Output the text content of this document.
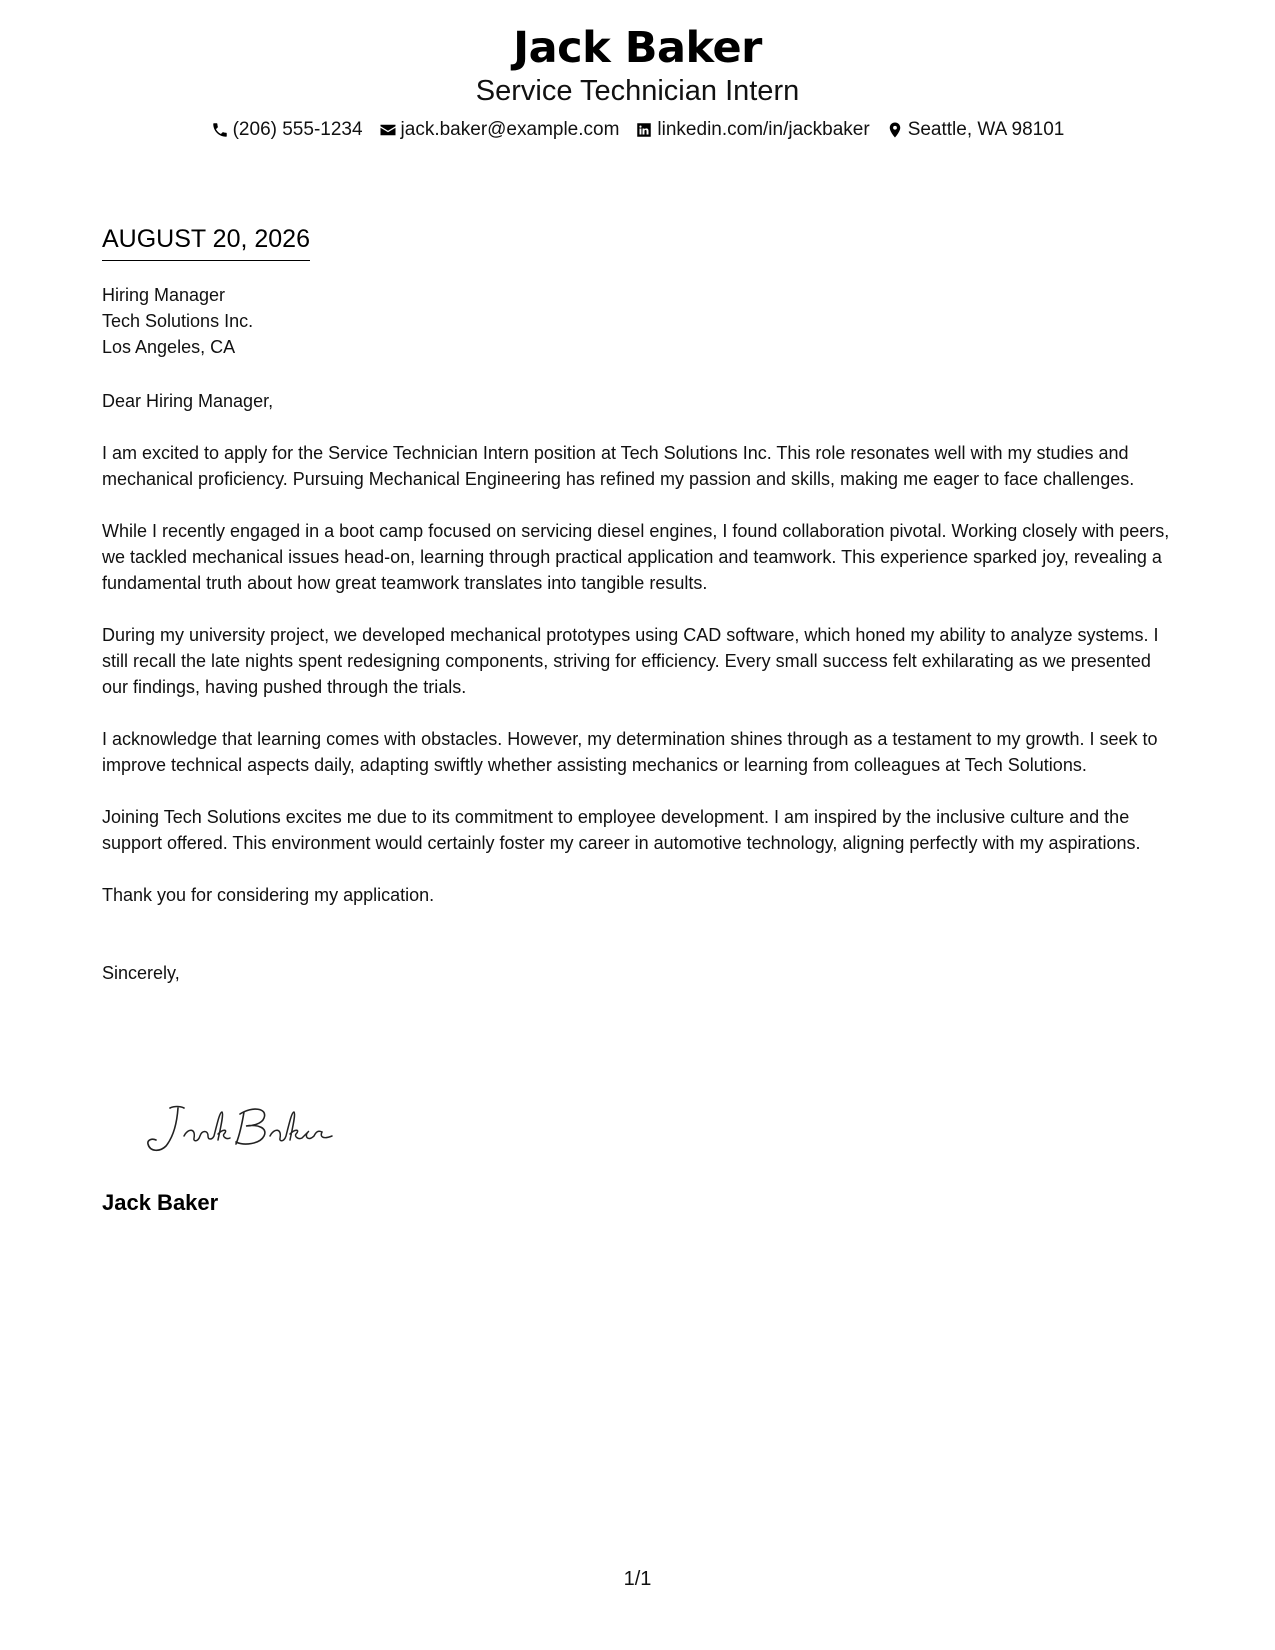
Jack Baker
Service Technician Intern
(206) 555-1234 jack.baker@example.com linkedin.com/in/jackbaker Seattle, WA 98101
AUGUST 20, 2026
Hiring Manager
Tech Solutions Inc.
Los Angeles, CA
Dear Hiring Manager,

I am excited to apply for the Service Technician Intern position at Tech Solutions Inc. This role resonates well with my studies and mechanical proficiency. Pursuing Mechanical Engineering has refined my passion and skills, making me eager to face challenges.

While I recently engaged in a boot camp focused on servicing diesel engines, I found collaboration pivotal. Working closely with peers, we tackled mechanical issues head-on, learning through practical application and teamwork. This experience sparked joy, revealing a fundamental truth about how great teamwork translates into tangible results.

During my university project, we developed mechanical prototypes using CAD software, which honed my ability to analyze systems. I still recall the late nights spent redesigning components, striving for efficiency. Every small success felt exhilarating as we presented our findings, having pushed through the trials.

I acknowledge that learning comes with obstacles. However, my determination shines through as a testament to my growth. I seek to improve technical aspects daily, adapting swiftly whether assisting mechanics or learning from colleagues at Tech Solutions.

Joining Tech Solutions excites me due to its commitment to employee development. I am inspired by the inclusive culture and the support offered. This environment would certainly foster my career in automotive technology, aligning perfectly with my aspirations.

Thank you for considering my application.

Sincerely,
Jack Baker
1/1
